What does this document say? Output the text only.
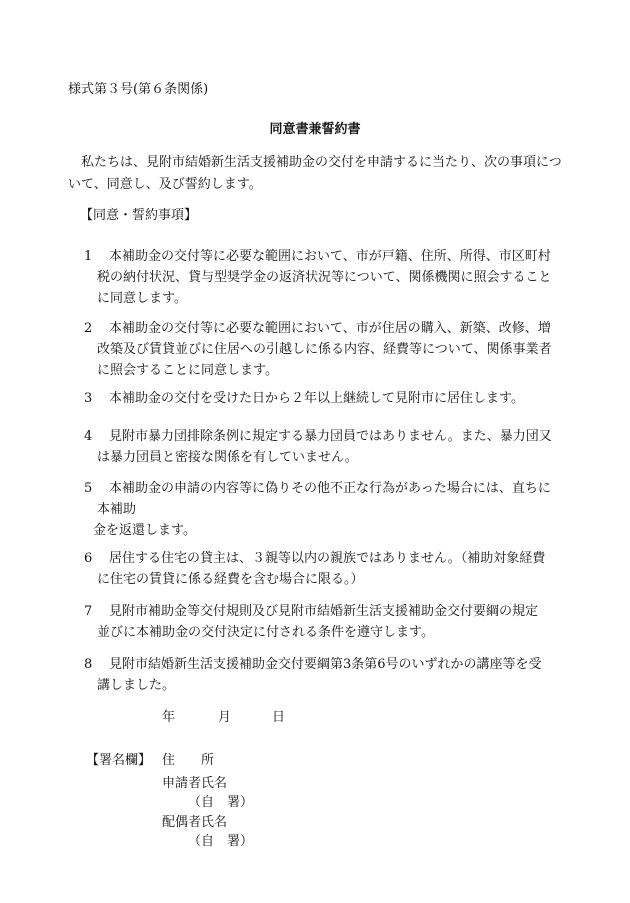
様式第３号(第６条関係)
同意書兼誓約書
私たちは、見附市結婚新生活支援補助金の交付を申請するに当たり、次の事項について、同意し、及び誓約します。
【同意・誓約事項】
1	本補助金の交付等に必要な範囲において、市が戸籍、住所、所得、市区町村
税の納付状況、貸与型奨学金の返済状況等について、関係機関に照会すること
に同意します。
2	本補助金の交付等に必要な範囲において、市が住居の購入、新築、改修、増
改築及び賃貸並びに住居への引越しに係る内容、経費等について、関係事業者
に照会することに同意します。
3	本補助金の交付を受けた日から２年以上継続して見附市に居住します。
4	見附市暴力団排除条例に規定する暴力団員ではありません。また、暴力団又
は暴力団員と密接な関係を有していません。
5	本補助金の申請の内容等に偽りその他不正な行為があった場合には、直ちに
本補助
金を返還します。
6	居住する住宅の貸主は、３親等以内の親族ではありません。（補助対象経費
に住宅の賃貸に係る経費を含む場合に限る。）
7	見附市補助金等交付規則及び見附市結婚新生活支援補助金交付要綱の規定
並びに本補助金の交付決定に付される条件を遵守します。
8	見附市結婚新生活支援補助金交付要綱第3条第6号のいずれかの講座等を受
講しました。
年	月	日
【署名欄】 住　　所
申請者氏名
（自　署）
配偶者氏名
（自　署）
